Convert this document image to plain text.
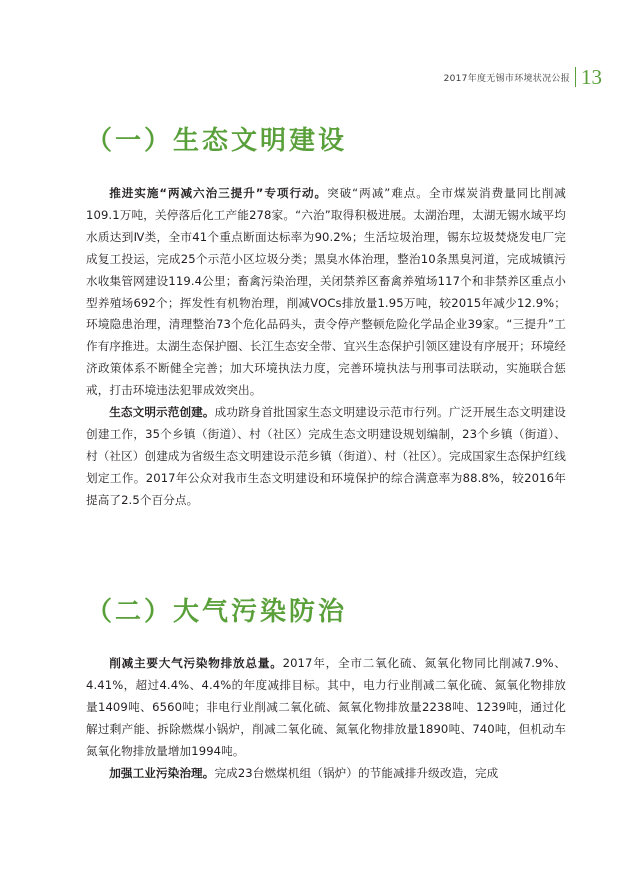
2017年度无锡市环境状况公报 13
（一）生态文明建设

推进实施“两减六治三提升”专项行动。突破“两减”难点。全市煤炭消费量同比削减109.1万吨，关停落后化工产能278家。“六治”取得积极进展。太湖治理，太湖无锡水域平均水质达到Ⅳ类，全市41个重点断面达标率为90.2%；生活垃圾治理，锡东垃圾焚烧发电厂完成复工投运，完成25个示范小区垃圾分类；黑臭水体治理，整治10条黑臭河道，完成城镇污水收集管网建设119.4公里；畜禽污染治理，关闭禁养区畜禽养殖场117个和非禁养区重点小型养殖场692个；挥发性有机物治理，削减VOCs排放量1.95万吨，较2015年减少12.9%；环境隐患治理，清理整治73个危化品码头，责令停产整顿危险化学品企业39家。“三提升”工作有序推进。太湖生态保护圈、长江生态安全带、宜兴生态保护引领区建设有序展开；环境经济政策体系不断健全完善；加大环境执法力度，完善环境执法与刑事司法联动，实施联合惩戒，打击环境违法犯罪成效突出。

生态文明示范创建。成功跻身首批国家生态文明建设示范市行列。广泛开展生态文明建设创建工作，35个乡镇（街道）、村（社区）完成生态文明建设规划编制，23个乡镇（街道）、村（社区）创建成为省级生态文明建设示范乡镇（街道）、村（社区）。完成国家生态保护红线划定工作。2017年公众对我市生态文明建设和环境保护的综合满意率为88.8%，较2016年提高了2.5个百分点。

（二）大气污染防治

削减主要大气污染物排放总量。2017年，全市二氧化硫、氮氧化物同比削减7.9%、4.41%，超过4.4%、4.4%的年度减排目标。其中，电力行业削减二氧化硫、氮氧化物排放量1409吨、6560吨；非电行业削减二氧化硫、氮氧化物排放量2238吨、1239吨，通过化解过剩产能、拆除燃煤小锅炉，削减二氧化硫、氮氧化物排放量1890吨、740吨，但机动车氮氧化物排放量增加1994吨。

加强工业污染治理。完成23台燃煤机组（锅炉）的节能减排升级改造，完成
